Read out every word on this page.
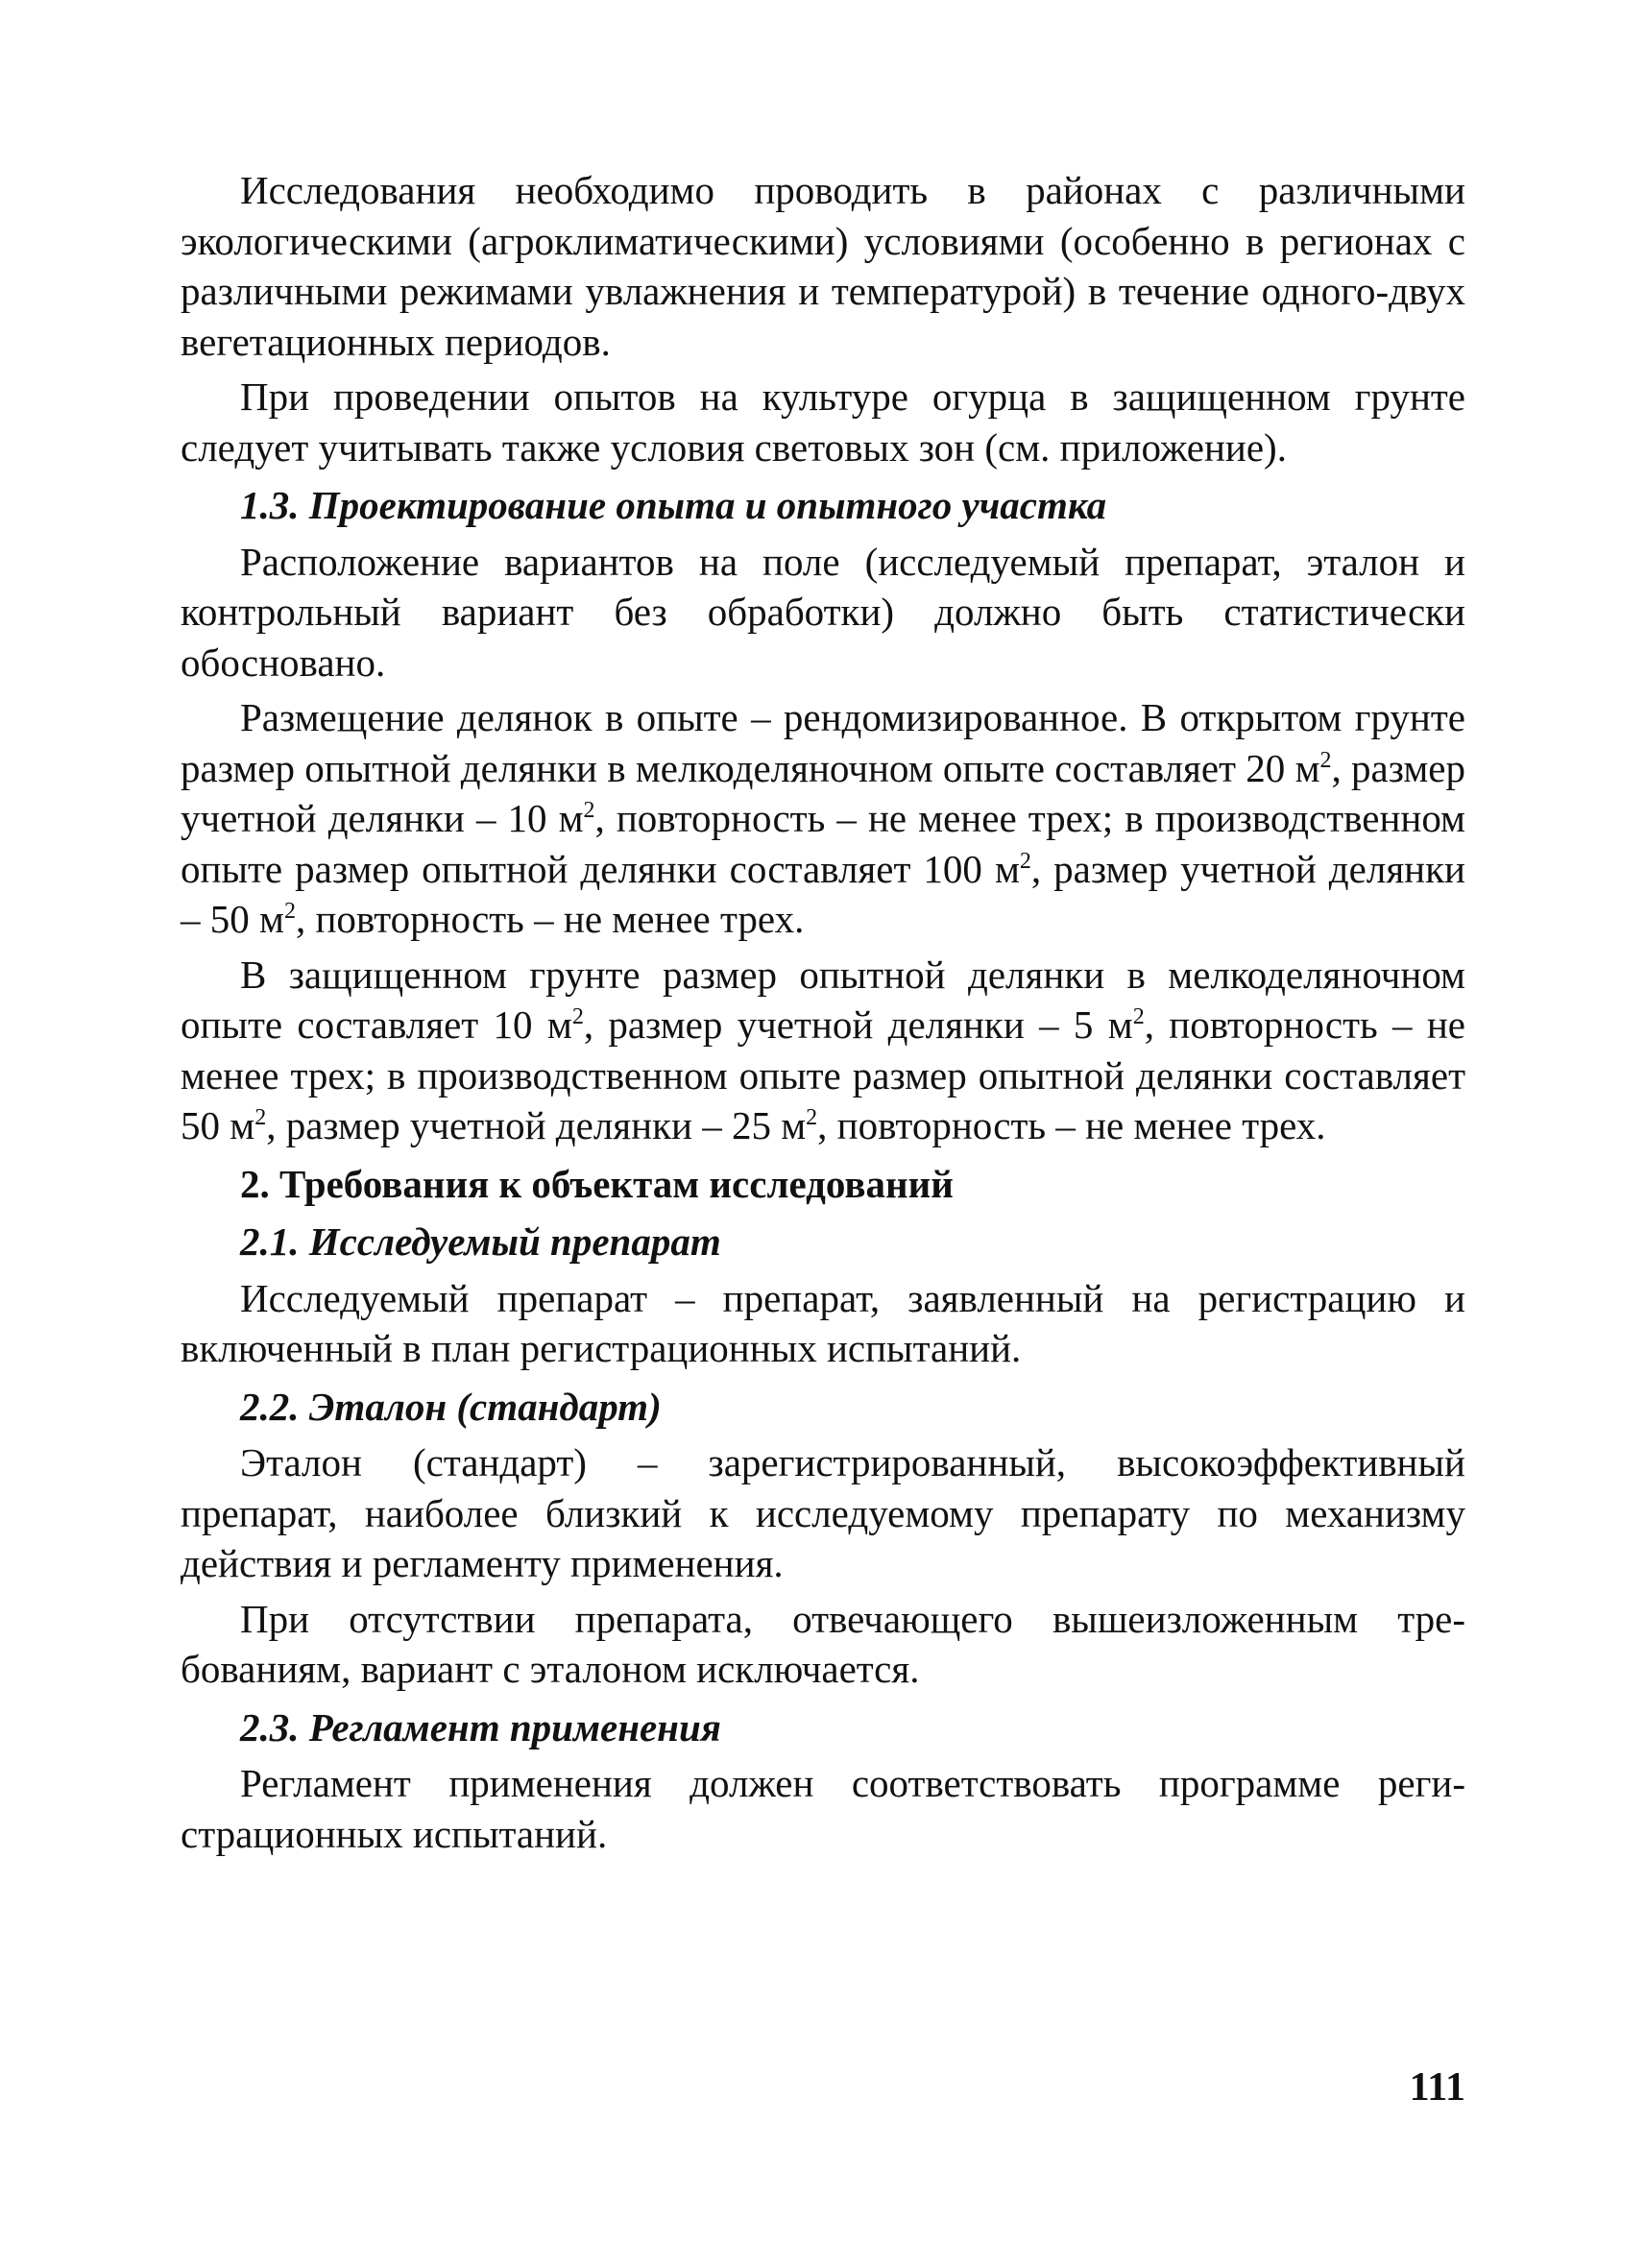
Исследования необходимо проводить в районах с различными экологическими (агроклиматическими) условиями (особенно в регионах с различными режимами увлажнения и температурой) в течение одного-двух вегетационных периодов.

При проведении опытов на культуре огурца в защищенном грунте следует учитывать также условия световых зон (см. приложение).

1.3. Проектирование опыта и опытного участка

Расположение вариантов на поле (исследуемый препарат, эталон и контрольный вариант без обработки) должно быть статистически обосновано.

Размещение делянок в опыте – рендомизированное. В открытом грунте размер опытной делянки в мелкоделяночном опыте составляет 20 $м^2$, размер учетной делянки – 10 $м^2$, повторность – не менее трех; в производственном опыте размер опытной делянки составляет 100 $м^2$, размер учетной делянки – 50 $м^2$, повторность – не менее трех.

В защищенном грунте размер опытной делянки в мелкоделяночном опыте составляет 10 $м^2$, размер учетной делянки – 5 $м^2$, повторность – не менее трех; в производственном опыте размер опытной делянки составляет 50 $м^2$, размер учетной делянки – 25 $м^2$, повторность – не менее трех.

2. Требования к объектам исследований
2.1. Исследуемый препарат

Исследуемый препарат – препарат, заявленный на регистрацию и включенный в план регистрационных испытаний.

2.2. Эталон (стандарт)

Эталон (стандарт) – зарегистрированный, высокоэффективный препарат, наиболее близкий к исследуемому препарату по механизму действия и регламенту применения.

При отсутствии препарата, отвечающего вышеизложенным требованиям, вариант с эталоном исключается.

2.3. Регламент применения

Регламент применения должен соответствовать программе регистрационных испытаний.

111
